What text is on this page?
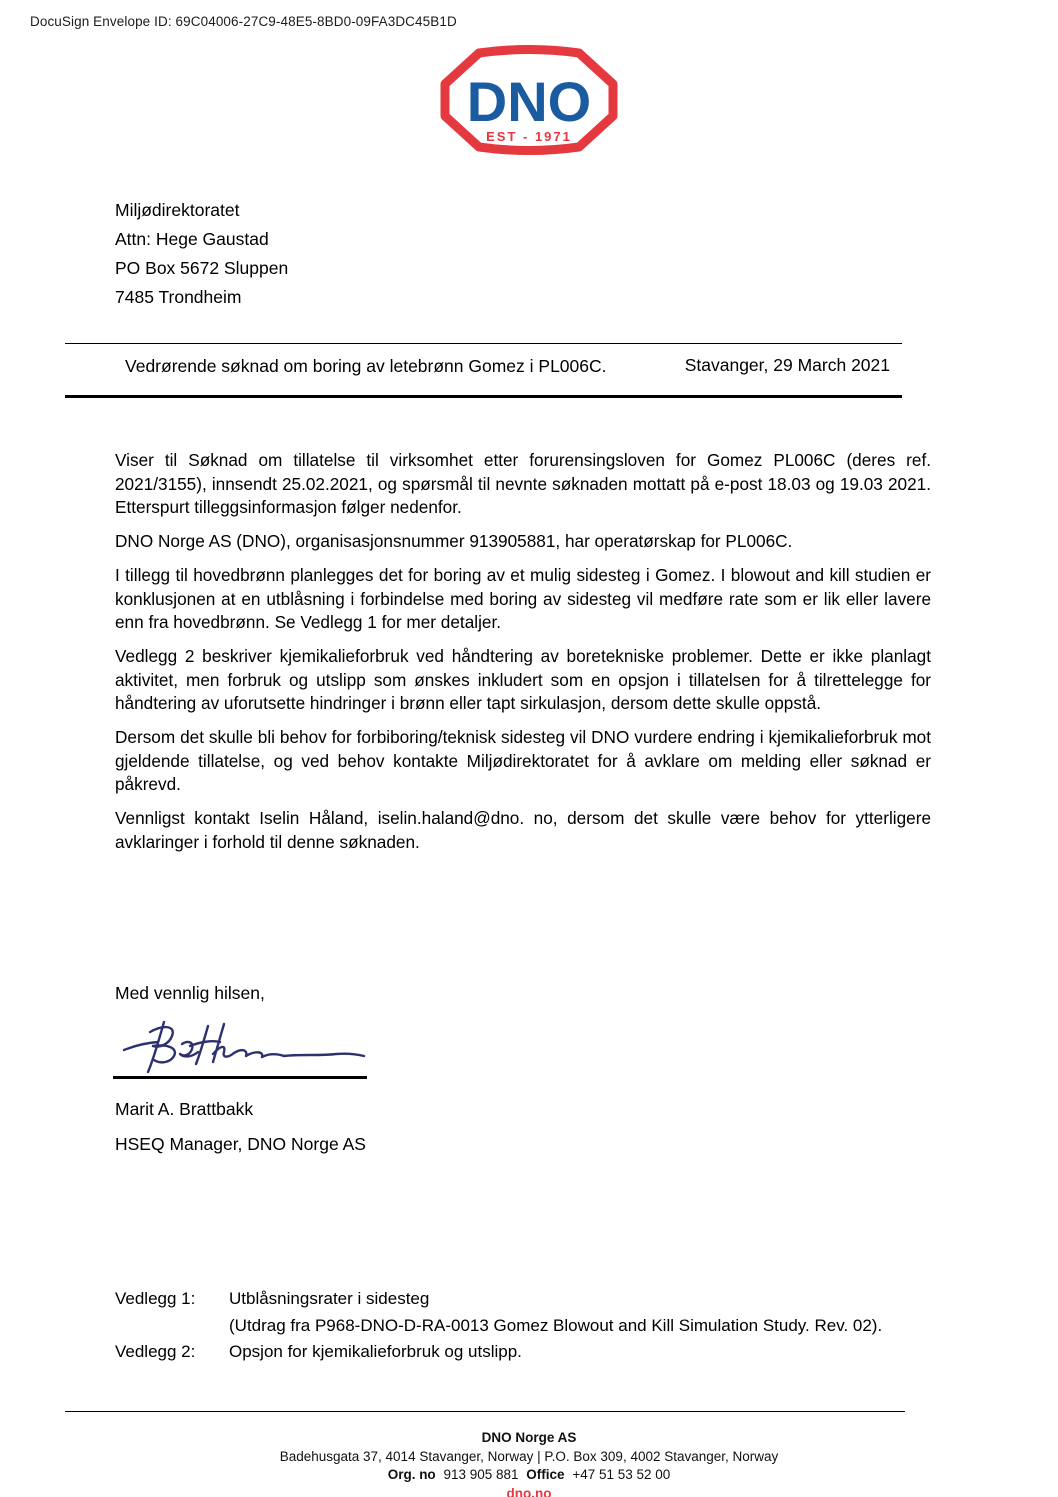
DocuSign Envelope ID: 69C04006-27C9-48E5-8BD0-09FA3DC45B1D
DNO
EST - 1971
Miljødirektoratet
Attn: Hege Gaustad
PO Box 5672 Sluppen
7485 Trondheim
Vedrørende søknad om boring av letebrønn Gomez i PL006C.	Stavanger, 29 March 2021

Viser til Søknad om tillatelse til virksomhet etter forurensingsloven for Gomez PL006C (deres ref. 2021/3155), innsendt 25.02.2021, og spørsmål til nevnte søknaden mottatt på e-post 18.03 og 19.03 2021. Etterspurt tilleggsinformasjon følger nedenfor.

DNO Norge AS (DNO), organisasjonsnummer 913905881, har operatørskap for PL006C.

I tillegg til hovedbrønn planlegges det for boring av et mulig sidesteg i Gomez. I blowout and kill studien er konklusjonen at en utblåsning i forbindelse med boring av sidesteg vil medføre rate som er lik eller lavere enn fra hovedbrønn. Se Vedlegg 1 for mer detaljer.

Vedlegg 2 beskriver kjemikalieforbruk ved håndtering av boretekniske problemer. Dette er ikke planlagt aktivitet, men forbruk og utslipp som ønskes inkludert som en opsjon i tillatelsen for å tilrettelegge for håndtering av uforutsette hindringer i brønn eller tapt sirkulasjon, dersom dette skulle oppstå.

Dersom det skulle bli behov for forbiboring/teknisk sidesteg vil DNO vurdere endring i kjemikalieforbruk mot gjeldende tillatelse, og ved behov kontakte Miljødirektoratet for å avklare om melding eller søknad er påkrevd.

Vennligst kontakt Iselin Håland, iselin.haland@dno. no, dersom det skulle være behov for ytterligere avklaringer i forhold til denne søknaden.

Med vennlig hilsen,
Marit A. Brattbakk
HSEQ Manager, DNO Norge AS
Vedlegg 1:	Utblåsningsrater i sidesteg
(Utdrag fra P968-DNO-D-RA-0013 Gomez Blowout and Kill Simulation Study. Rev. 02).
Vedlegg 2:	Opsjon for kjemikalieforbruk og utslipp.
DNO Norge AS
Badehusgata 37, 4014 Stavanger, Norway | P.O. Box 309, 4002 Stavanger, Norway
Org. no 913 905 881 Office +47 51 53 52 00
dno.no
